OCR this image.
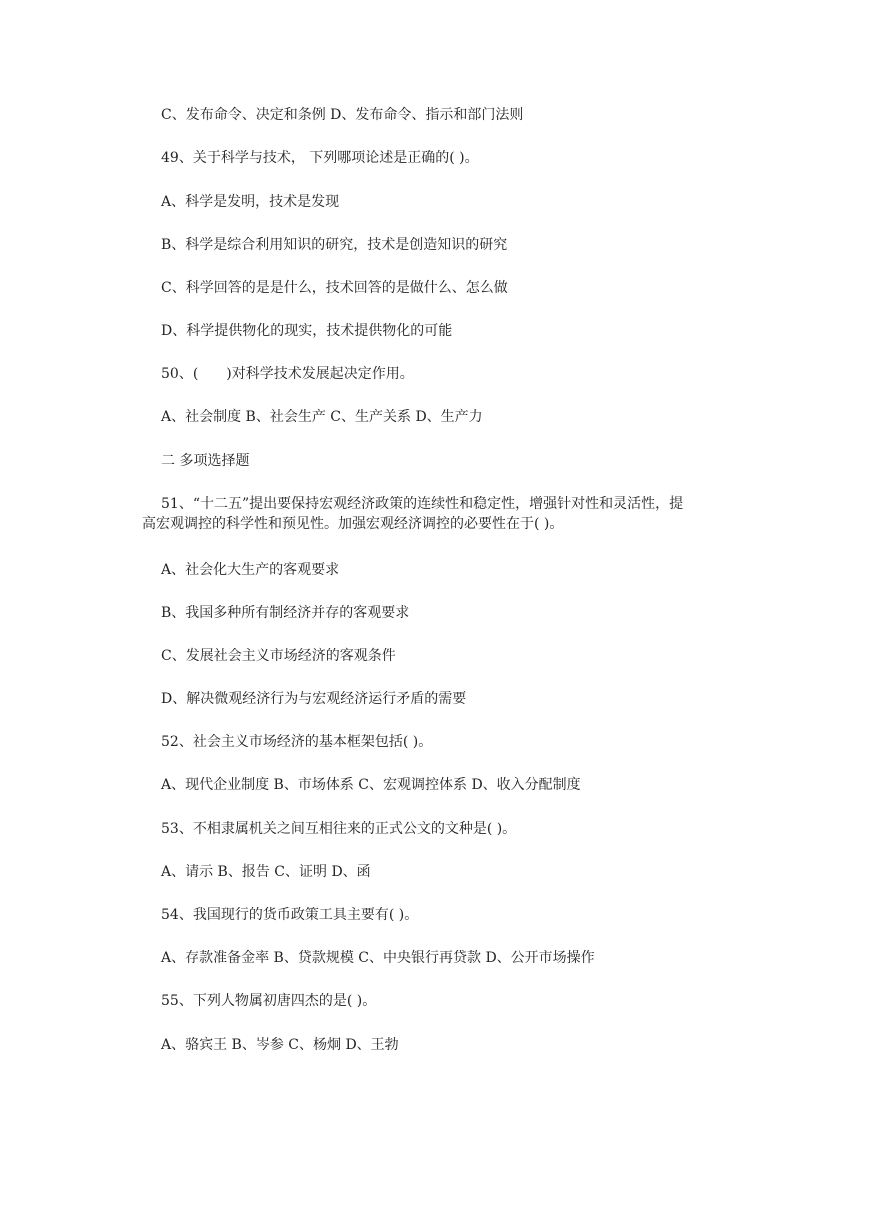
C、发布命令、决定和条例 D、发布命令、指示和部门法则

49、关于科学与技术， 下列哪项论述是正确的( )。

A、科学是发明，技术是发现

B、科学是综合利用知识的研究，技术是创造知识的研究

C、科学回答的是是什么，技术回答的是做什么、怎么做

D、科学提供物化的现实，技术提供物化的可能

50、(　　)对科学技术发展起决定作用。

A、社会制度 B、社会生产 C、生产关系 D、生产力

二 多项选择题

51、“十二五”提出要保持宏观经济政策的连续性和稳定性，增强针对性和灵活性，提
高宏观调控的科学性和预见性。加强宏观经济调控的必要性在于( )。

A、社会化大生产的客观要求

B、我国多种所有制经济并存的客观要求

C、发展社会主义市场经济的客观条件

D、解决微观经济行为与宏观经济运行矛盾的需要

52、社会主义市场经济的基本框架包括( )。

A、现代企业制度 B、市场体系 C、宏观调控体系 D、收入分配制度

53、不相隶属机关之间互相往来的正式公文的文种是( )。

A、请示 B、报告 C、证明 D、函

54、我国现行的货币政策工具主要有( )。

A、存款准备金率 B、贷款规模 C、中央银行再贷款 D、公开市场操作

55、下列人物属初唐四杰的是( )。

A、骆宾王 B、岑参 C、杨炯 D、王勃
